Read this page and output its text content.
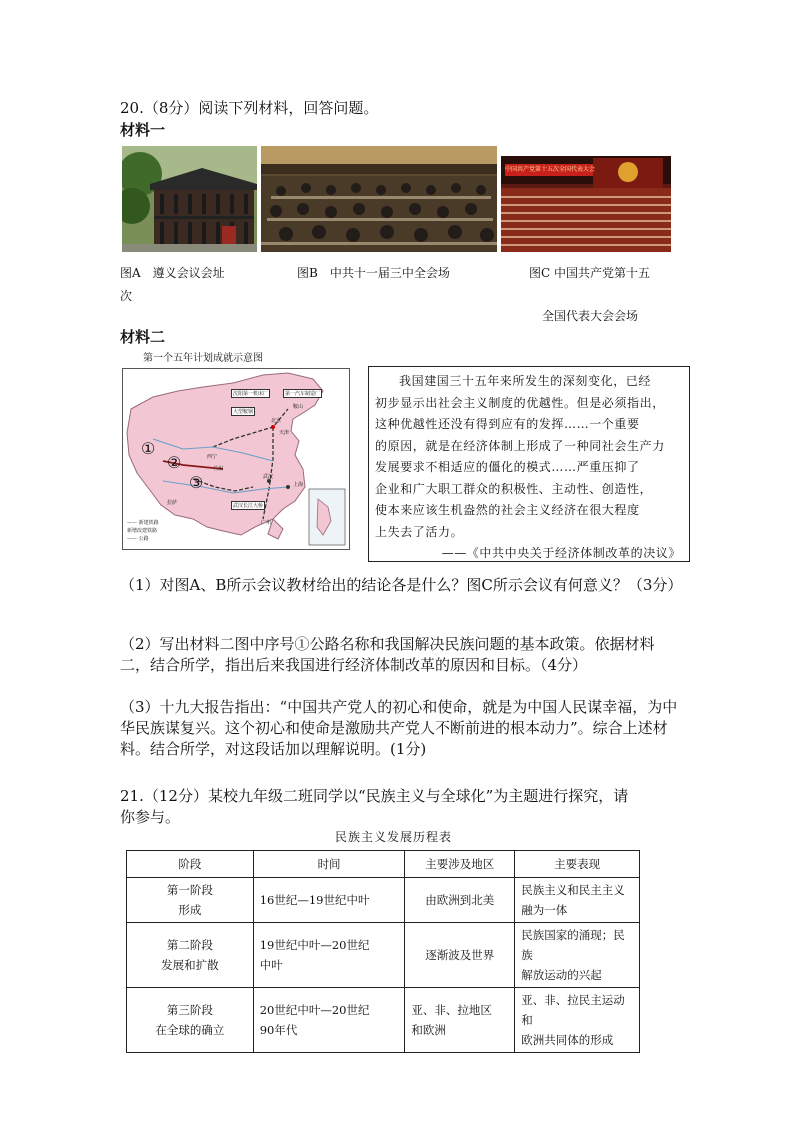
20.（8分）阅读下列材料，回答问题。
材料一
中国共产党第十五次全国代表大会
图A　遵义会议会址
次
图B　中共十一届三中全会场	图C 中国共产党第十五
全国代表大会会场
材料二
第一个五年计划成就示意图
①
②
③
沈阳第一机床厂	第一汽车制造厂
鞍山
北京
天津
西宁
兰州
武汉
上海
拉萨
广州
武汉长江大桥
大型鞍钢
—— 新建铁路
新增改建铁路
—— 公路
我国建国三十五年来所发生的深刻变化，已经
初步显示出社会主义制度的优越性。但是必须指出，
这种优越性还没有得到应有的发挥……一个重要
的原因，就是在经济体制上形成了一种同社会生产力
发展要求不相适应的僵化的模式……严重压抑了
企业和广大职工群众的积极性、主动性、创造性，
使本来应该生机盎然的社会主义经济在很大程度
上失去了活力。
——《中共中央关于经济体制改革的决议》
（1）对图A、B所示会议教材给出的结论各是什么？图C所示会议有何意义？（3分）
（2）写出材料二图中序号①公路名称和我国解决民族问题的基本政策。依据材料二，结合所学，指出后来我国进行经济体制改革的原因和目标。（4分）
（3）十九大报告指出：“中国共产党人的初心和使命，就是为中国人民谋幸福，为中华民族谋复兴。这个初心和使命是激励共产党人不断前进的根本动力”。综合上述材料。结合所学，对这段话加以理解说明。(1分)
21.（12分）某校九年级二班同学以“民族主义与全球化”为主题进行探究，请
你参与。
民族主义发展历程表
阶段	时间	主要涉及地区	主要表现
第一阶段
形成	16世纪—19世纪中叶	由欧洲到北美	民族主义和民主主义
融为一体
第二阶段
发展和扩散	19世纪中叶—20世纪
中叶	逐渐波及世界	民族国家的涌现；民族
解放运动的兴起
第三阶段
在全球的确立	20世纪中叶—20世纪
90年代	亚、非、拉地区
和欧洲	亚、非、拉民主运动和
欧洲共同体的形成
